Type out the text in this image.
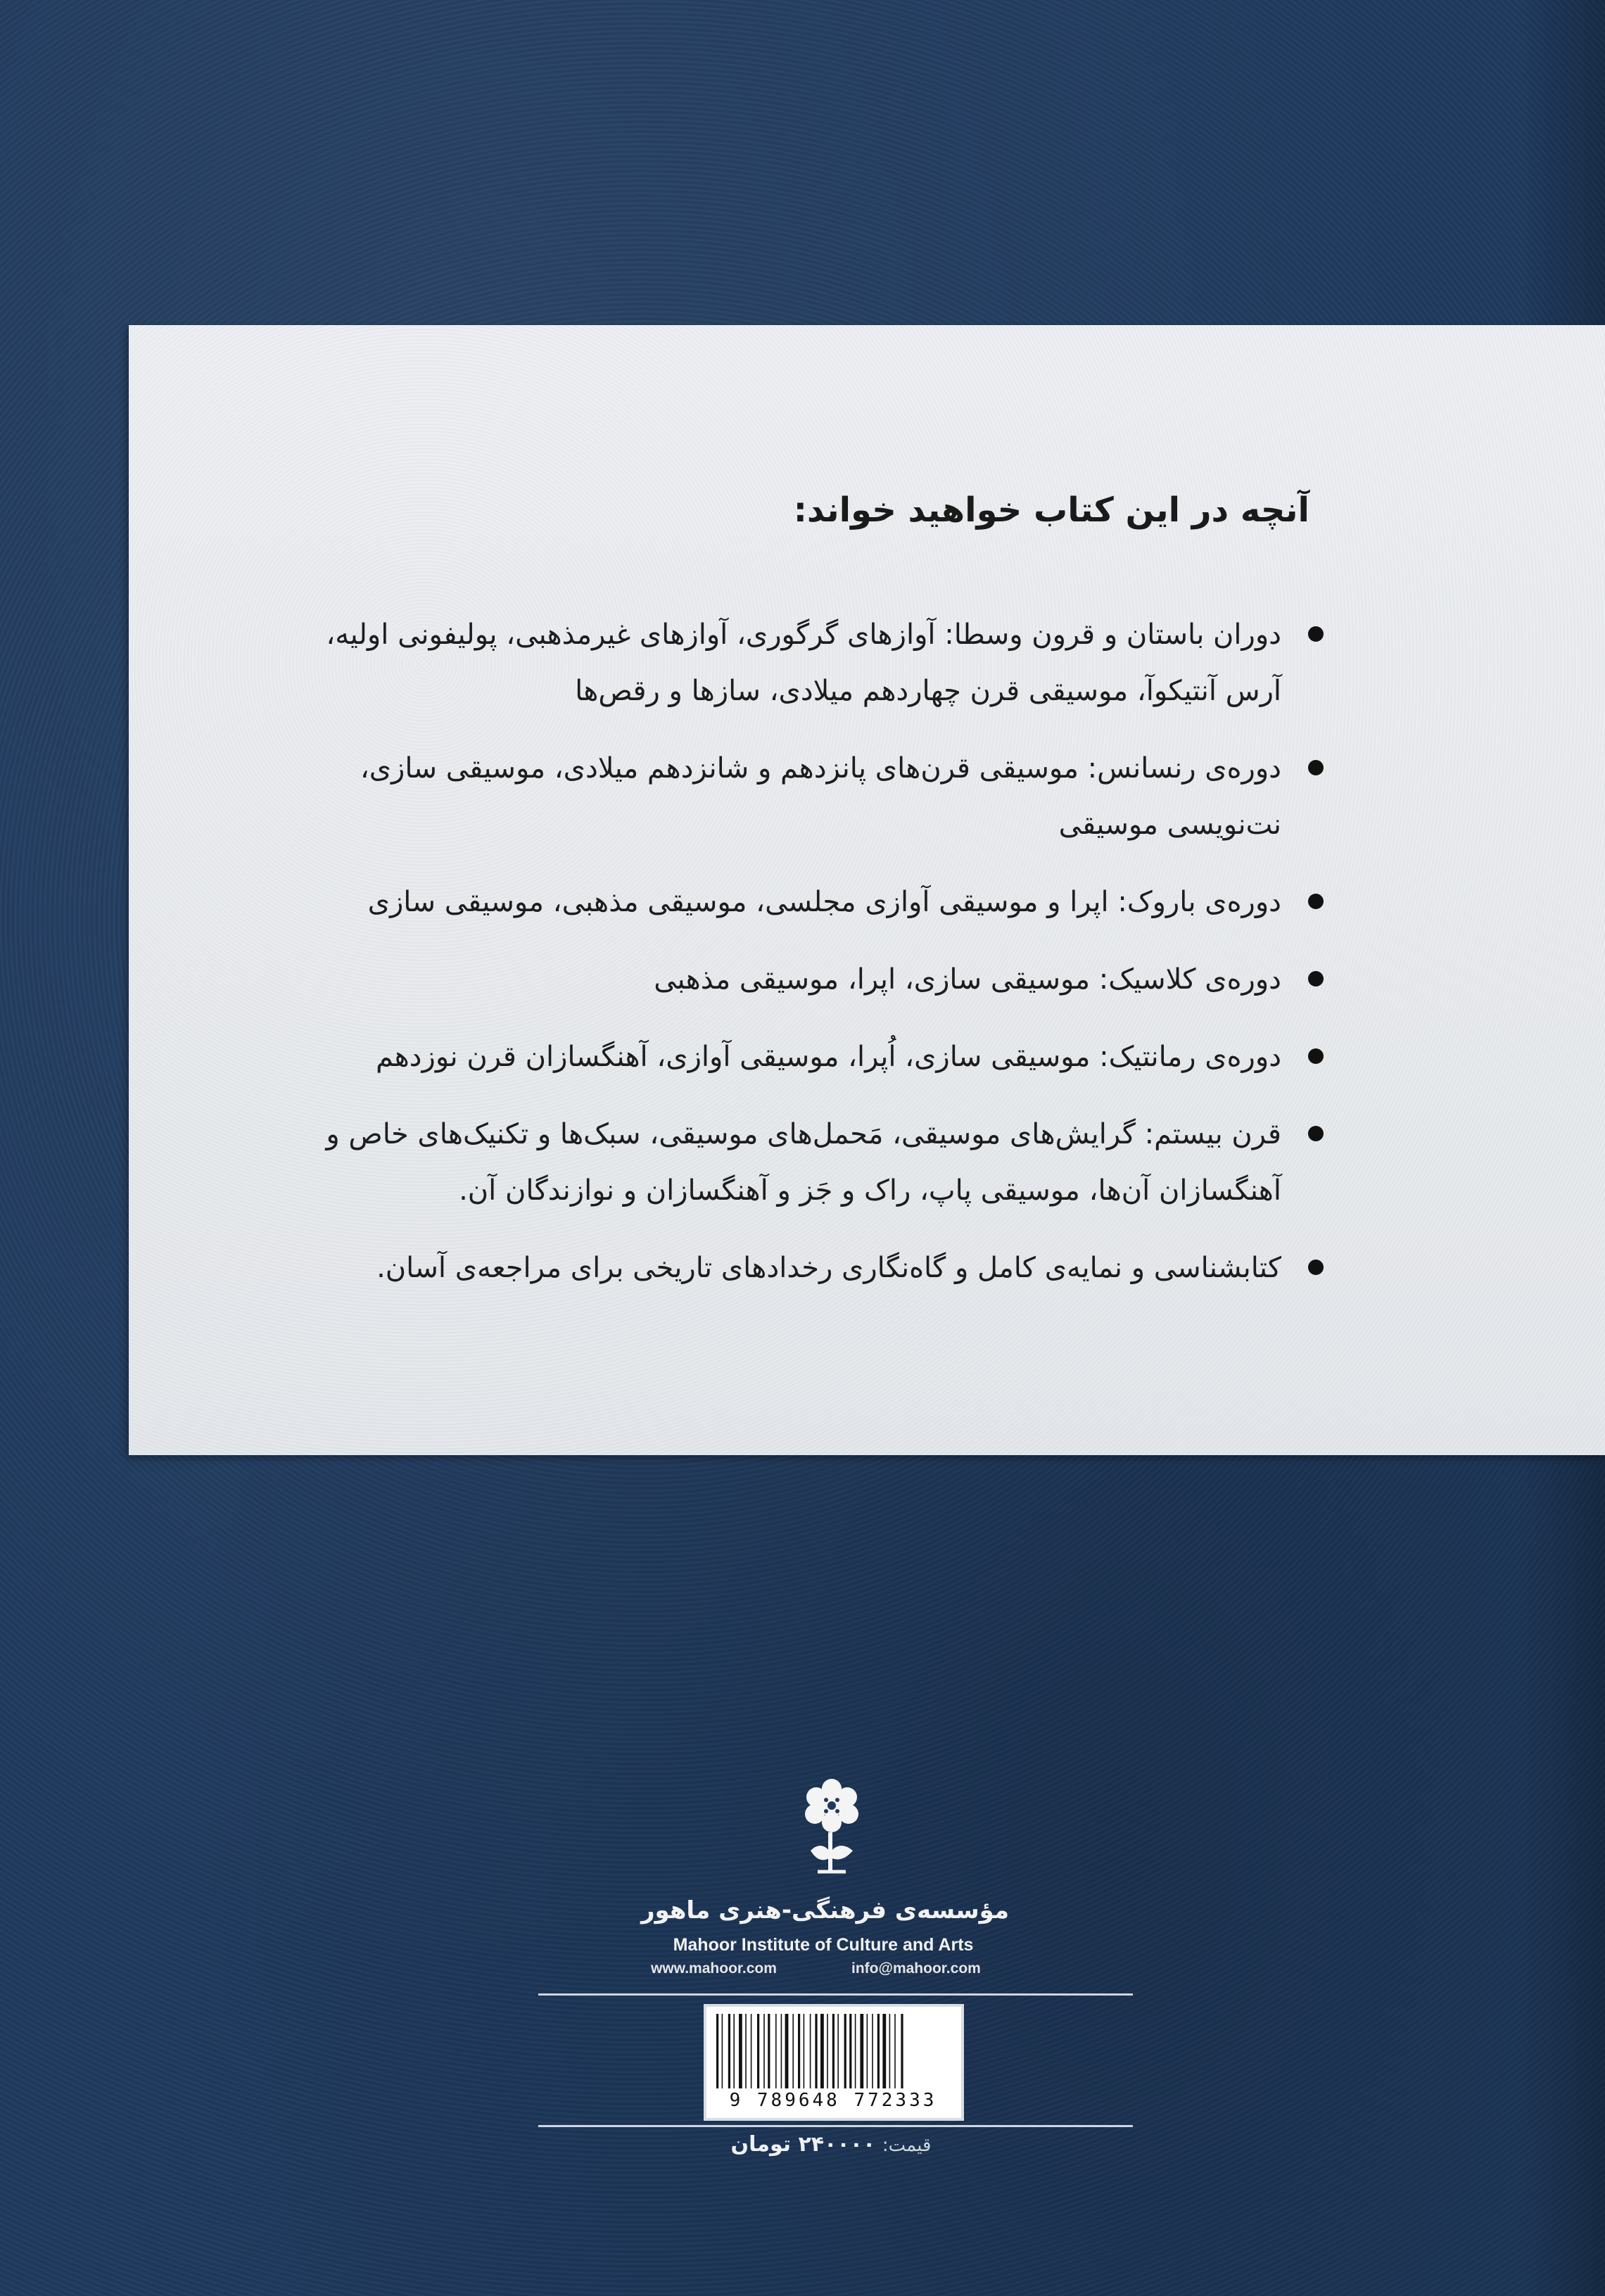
آنچه در این کتاب خواهید خواند:
دوران باستان و قرون وسطا: آوازهای گرگوری، آوازهای غیرمذهبی، پولیفونی اولیه، آرس آنتیکوآ، موسیقی قرن چهاردهم میلادی، سازها و رقص‌ها
دوره‌ی رنسانس: موسیقی قرن‌های پانزدهم و شانزدهم میلادی، موسیقی سازی، نت‌نویسی موسیقی
دوره‌ی باروک: اپرا و موسیقی آوازی مجلسی، موسیقی مذهبی، موسیقی سازی
دوره‌ی کلاسیک: موسیقی سازی، اپرا، موسیقی مذهبی
دوره‌ی رمانتیک: موسیقی سازی، اُپرا، موسیقی آوازی، آهنگسازان قرن نوزدهم
قرن بیستم: گرایش‌های موسیقی، مَحمل‌های موسیقی، سبک‌ها و تکنیک‌های خاص و آهنگسازان آن‌ها، موسیقی پاپ، راک و جَز و آهنگسازان و نوازندگان آن.
کتابشناسی و نمایه‌ی کامل و گاه‌نگاری رخدادهای تاریخی برای مراجعه‌ی آسان.
مؤسسه‌ی فرهنگی-هنری ماهور
Mahoor Institute of Culture and Arts
www.mahoor.com	info@mahoor.com
9 789648 772333
قیمت: ۲۴۰۰۰۰ تومان
